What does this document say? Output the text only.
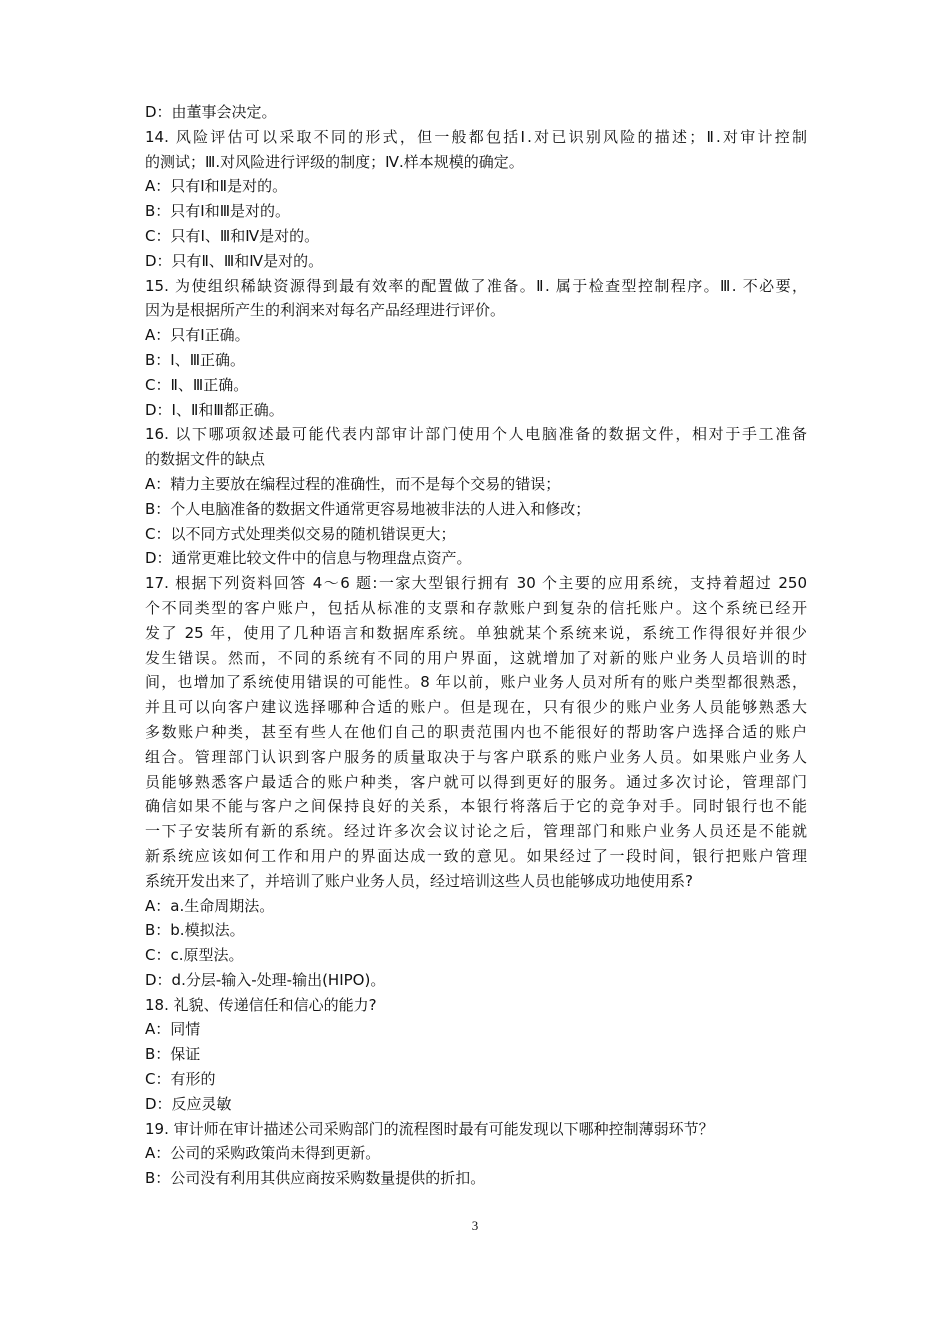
D：由董事会决定。
14. 风险评估可以采取不同的形式，但一般都包括Ⅰ.对已识别风险的描述；Ⅱ.对审计控制
的测试；Ⅲ.对风险进行评级的制度；Ⅳ.样本规模的确定。
A：只有Ⅰ和Ⅱ是对的。
B：只有Ⅰ和Ⅲ是对的。
C：只有Ⅰ、Ⅲ和Ⅳ是对的。
D：只有Ⅱ、Ⅲ和Ⅳ是对的。
15. 为使组织稀缺资源得到最有效率的配置做了准备。Ⅱ. 属于检查型控制程序。Ⅲ. 不必要，
因为是根据所产生的利润来对每名产品经理进行评价。
A：只有Ⅰ正确。
B：Ⅰ、Ⅲ正确。
C：Ⅱ、Ⅲ正确。
D：Ⅰ、Ⅱ和Ⅲ都正确。
16. 以下哪项叙述最可能代表内部审计部门使用个人电脑准备的数据文件，相对于手工准备
的数据文件的缺点
A：精力主要放在编程过程的准确性，而不是每个交易的错误；
B：个人电脑准备的数据文件通常更容易地被非法的人进入和修改；
C：以不同方式处理类似交易的随机错误更大；
D：通常更难比较文件中的信息与物理盘点资产。
17. 根据下列资料回答 4～6 题:一家大型银行拥有 30 个主要的应用系统，支持着超过 250
个不同类型的客户账户，包括从标准的支票和存款账户到复杂的信托账户。这个系统已经开
发了 25 年，使用了几种语言和数据库系统。单独就某个系统来说，系统工作得很好并很少
发生错误。然而，不同的系统有不同的用户界面，这就增加了对新的账户业务人员培训的时
间，也增加了系统使用错误的可能性。8 年以前，账户业务人员对所有的账户类型都很熟悉，
并且可以向客户建议选择哪种合适的账户。但是现在，只有很少的账户业务人员能够熟悉大
多数账户种类，甚至有些人在他们自己的职责范围内也不能很好的帮助客户选择合适的账户
组合。管理部门认识到客户服务的质量取决于与客户联系的账户业务人员。如果账户业务人
员能够熟悉客户最适合的账户种类，客户就可以得到更好的服务。通过多次讨论，管理部门
确信如果不能与客户之间保持良好的关系，本银行将落后于它的竞争对手。同时银行也不能
一下子安装所有新的系统。经过许多次会议讨论之后，管理部门和账户业务人员还是不能就
新系统应该如何工作和用户的界面达成一致的意见。如果经过了一段时间，银行把账户管理
系统开发出来了，并培训了账户业务人员，经过培训这些人员也能够成功地使用系?
A：a.生命周期法。
B：b.模拟法。
C：c.原型法。
D：d.分层-输入-处理-输出(HIPO)。
18. 礼貌、传递信任和信心的能力?
A：同情
B：保证
C：有形的
D：反应灵敏
19. 审计师在审计描述公司采购部门的流程图时最有可能发现以下哪种控制薄弱环节？
A：公司的采购政策尚未得到更新。
B：公司没有利用其供应商按采购数量提供的折扣。
3
